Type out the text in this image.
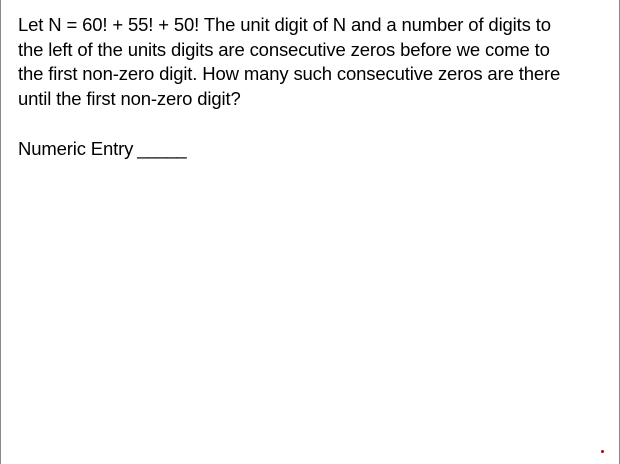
Let N = 60! + 55! + 50! The unit digit of N and a number of digits to
the left of the units digits are consecutive zeros before we come to
the first non-zero digit. How many such consecutive zeros are there
until the first non-zero digit?

Numeric Entry _____
